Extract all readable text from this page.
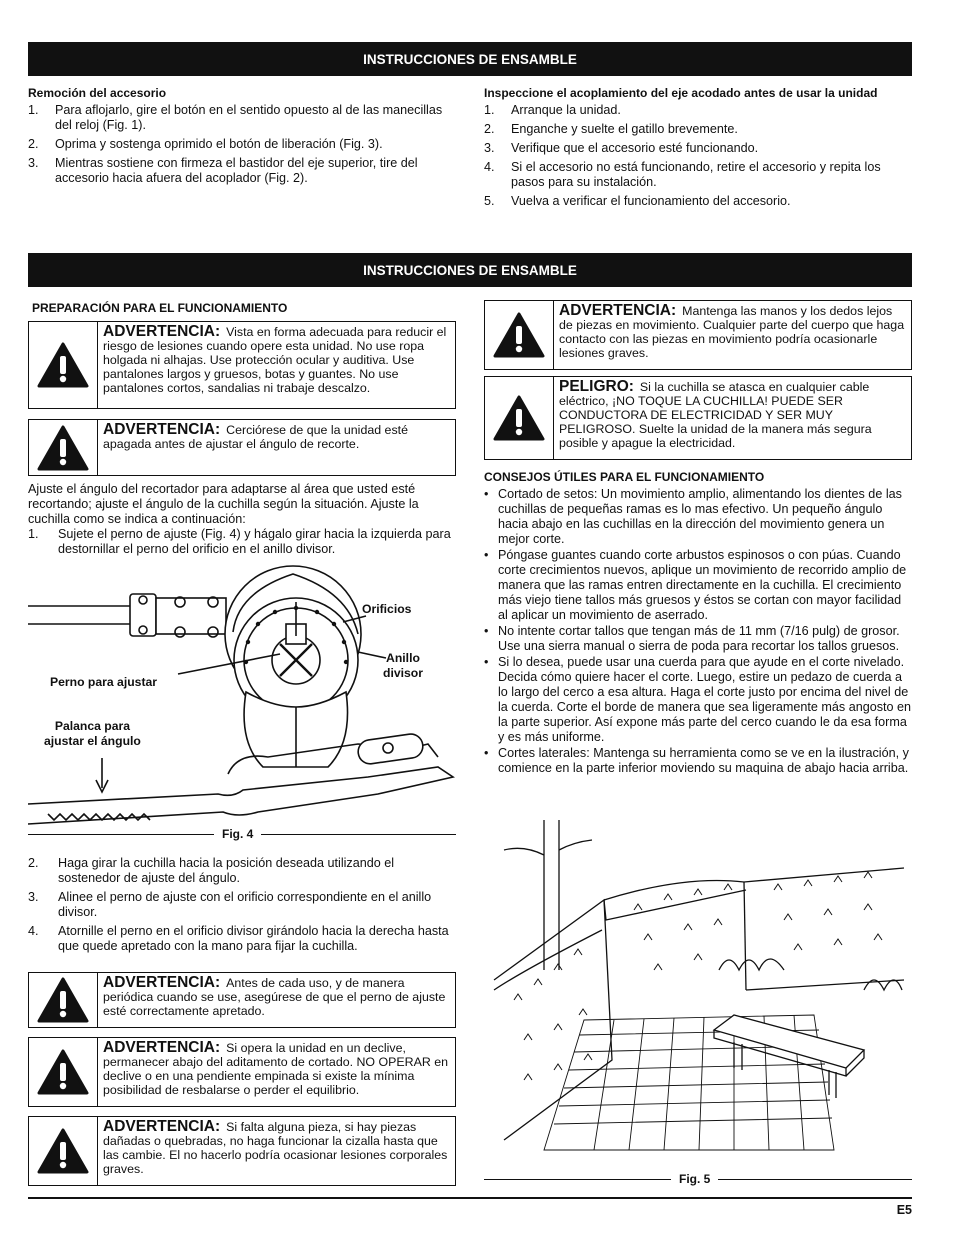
INSTRUCCIONES DE ENSAMBLE
Remoción del accesorio
1. Para aflojarlo, gire el botón en el sentido opuesto al de las manecillas del reloj (Fig. 1).
2. Oprima y sostenga oprimido el botón de liberación (Fig. 3).
3. Mientras sostiene con firmeza el bastidor del eje superior, tire del accesorio hacia afuera del acoplador (Fig. 2).
Inspeccione el acoplamiento del eje acodado antes de usar la unidad
1. Arranque la unidad.
2. Enganche y suelte el gatillo brevemente.
3. Verifique que el accesorio esté funcionando.
4. Si el accesorio no está funcionando, retire el accesorio y repita los pasos para su instalación.
5. Vuelva a verificar el funcionamiento del accesorio.
INSTRUCCIONES DE ENSAMBLE
PREPARACIÓN PARA EL FUNCIONAMIENTO
ADVERTENCIA: Vista en forma adecuada para reducir el riesgo de lesiones cuando opere esta unidad. No use ropa holgada ni alhajas. Use protección ocular y auditiva. Use pantalones largos y gruesos, botas y guantes. No use pantalones cortos, sandalias ni trabaje descalzo.
ADVERTENCIA: Cerciórese de que la unidad esté apagada antes de ajustar el ángulo de recorte.
Ajuste el ángulo del recortador para adaptarse al área que usted esté recortando; ajuste el ángulo de la cuchilla según la situación. Ajuste la cuchilla como se indica a continuación:
1. Sujete el perno de ajuste (Fig. 4) y hágalo girar hacia la izquierda para destornillar el perno del orificio en el anillo divisor.
Orificios
Anillo
divisor
Perno para ajustar
Palanca para
ajustar el ángulo
Fig. 4
2. Haga girar la cuchilla hacia la posición deseada utilizando el sostenedor de ajuste del ángulo.
3. Alinee el perno de ajuste con el orificio correspondiente en el anillo divisor.
4. Atornille el perno en el orificio divisor girándolo hacia la derecha hasta que quede apretado con la mano para fijar la cuchilla.
ADVERTENCIA: Antes de cada uso, y de manera periódica cuando se use, asegúrese de que el perno de ajuste esté correctamente apretado.
ADVERTENCIA: Si opera la unidad en un declive, permanecer abajo del aditamento de cortado. NO OPERAR en declive o en una pendiente empinada si existe la mínima posibilidad de resbalarse o perder el equilibrio.
ADVERTENCIA: Si falta alguna pieza, si hay piezas dañadas o quebradas, no haga funcionar la cizalla hasta que las cambie. El no hacerlo podría ocasionar lesiones corporales graves.
ADVERTENCIA: Mantenga las manos y los dedos lejos de piezas en movimiento. Cualquier parte del cuerpo que haga contacto con las piezas en movimiento podría ocasionarle lesiones graves.
PELIGRO: Si la cuchilla se atasca en cualquier cable eléctrico, ¡NO TOQUE LA CUCHILLA! PUEDE SER CONDUCTORA DE ELECTRICIDAD Y SER MUY PELIGROSO. Suelte la unidad de la manera más segura posible y apague la electricidad.
CONSEJOS ÚTILES PARA EL FUNCIONAMIENTO
• Cortado de setos: Un movimiento amplio, alimentando los dientes de las cuchillas de pequeñas ramas es lo mas efectivo. Un pequeño ángulo hacia abajo en las cuchillas en la dirección del movimiento genera un mejor corte.
• Póngase guantes cuando corte arbustos espinosos o con púas. Cuando corte crecimientos nuevos, aplique un movimiento de recorrido amplio de manera que las ramas entren directamente en la cuchilla. El crecimiento más viejo tiene tallos más gruesos y éstos se cortan con mayor facilidad al aplicar un movimiento de aserrado.
• No intente cortar tallos que tengan más de 11 mm (7/16 pulg) de grosor. Use una sierra manual o sierra de poda para recortar los tallos gruesos.
• Si lo desea, puede usar una cuerda para que ayude en el corte nivelado. Decida cómo quiere hacer el corte. Luego, estire un pedazo de cuerda a lo largo del cerco a esa altura. Haga el corte justo por encima del nivel de la cuerda. Corte el borde de manera que sea ligeramente más angosto en la parte superior. Así expone más parte del cerco cuando le da esa forma y es más uniforme.
• Cortes laterales: Mantenga su herramienta como se ve en la ilustración, y comience en la parte inferior moviendo su maquina de abajo hacia arriba.
Fig. 5
E5
